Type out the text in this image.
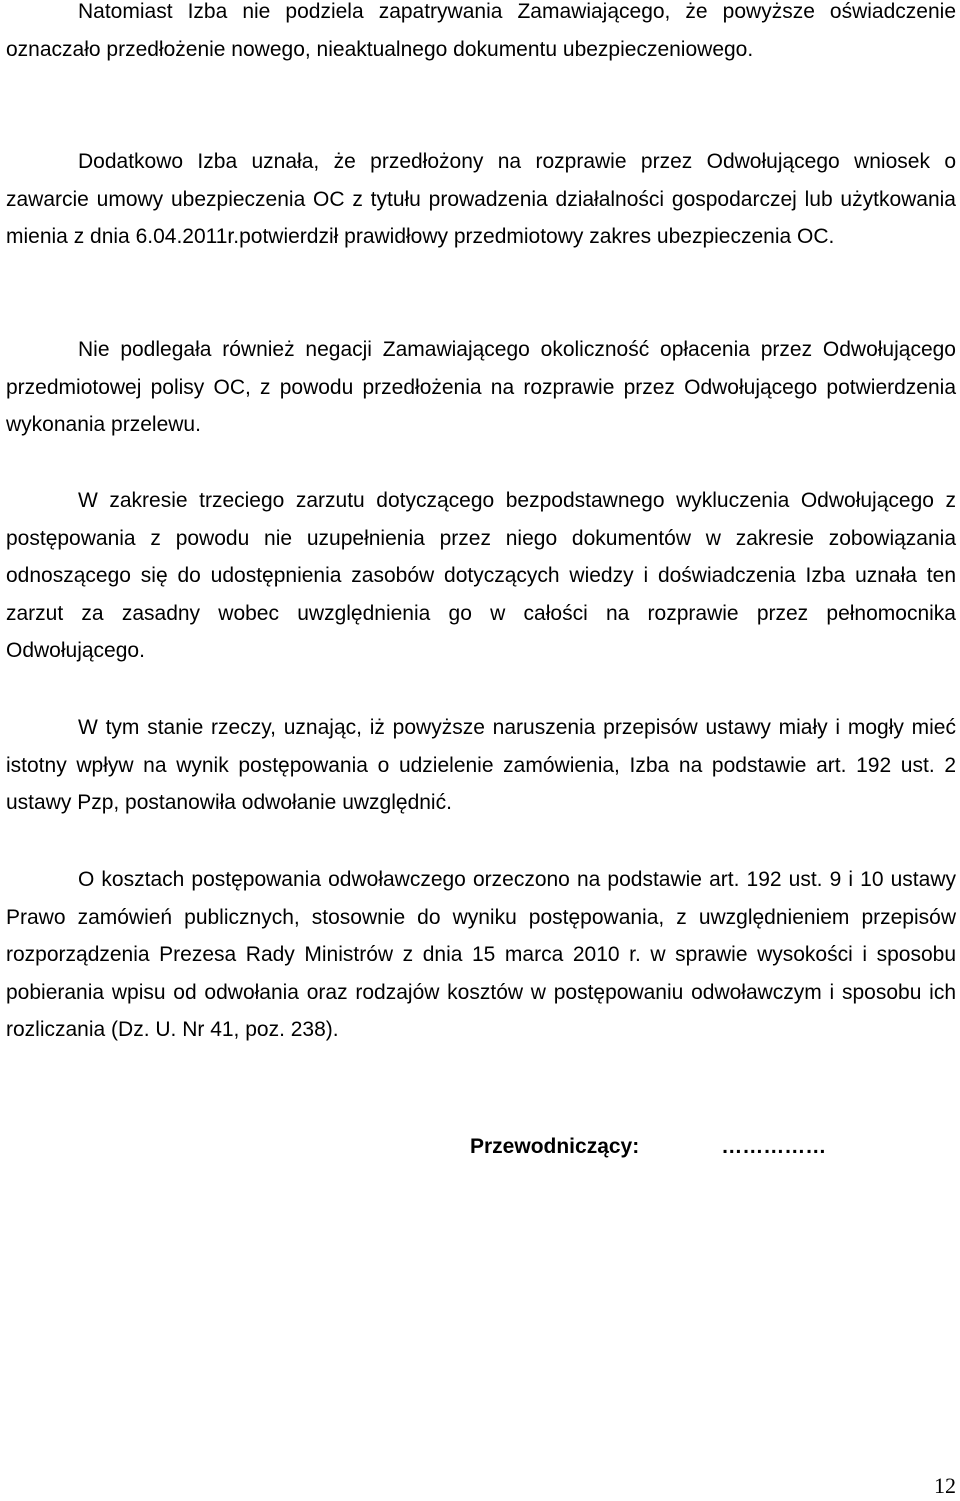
Natomiast Izba nie podziela zapatrywania Zamawiającego, że powyższe oświadczenie oznaczało przedłożenie nowego, nieaktualnego dokumentu ubezpieczeniowego.

Dodatkowo Izba uznała, że przedłożony na rozprawie przez Odwołującego wniosek o zawarcie umowy ubezpieczenia OC z tytułu prowadzenia działalności gospodarczej lub użytkowania mienia z dnia 6.04.2011r.potwierdził prawidłowy przedmiotowy zakres ubezpieczenia OC.

Nie podlegała również negacji Zamawiającego okoliczność opłacenia przez Odwołującego przedmiotowej polisy OC, z powodu przedłożenia na rozprawie przez Odwołującego potwierdzenia wykonania przelewu.

W zakresie trzeciego zarzutu dotyczącego bezpodstawnego wykluczenia Odwołującego z postępowania z powodu nie uzupełnienia przez niego dokumentów w zakresie zobowiązania odnoszącego się do udostępnienia zasobów dotyczących wiedzy i doświadczenia Izba uznała ten zarzut za zasadny wobec uwzględnienia go w całości na rozprawie przez pełnomocnika Odwołującego.

W tym stanie rzeczy, uznając, iż powyższe naruszenia przepisów ustawy miały i mogły mieć istotny wpływ na wynik postępowania o udzielenie zamówienia, Izba na podstawie art. 192 ust. 2 ustawy Pzp, postanowiła odwołanie uwzględnić.

O kosztach postępowania odwoławczego orzeczono na podstawie art. 192 ust. 9 i 10 ustawy Prawo zamówień publicznych, stosownie do wyniku postępowania, z uwzględnieniem przepisów rozporządzenia Prezesa Rady Ministrów z dnia 15 marca 2010 r. w sprawie wysokości i sposobu pobierania wpisu od odwołania oraz rodzajów kosztów w postępowaniu odwoławczym i sposobu ich rozliczania (Dz. U. Nr 41, poz. 238).

Przewodniczący:	……………
12
